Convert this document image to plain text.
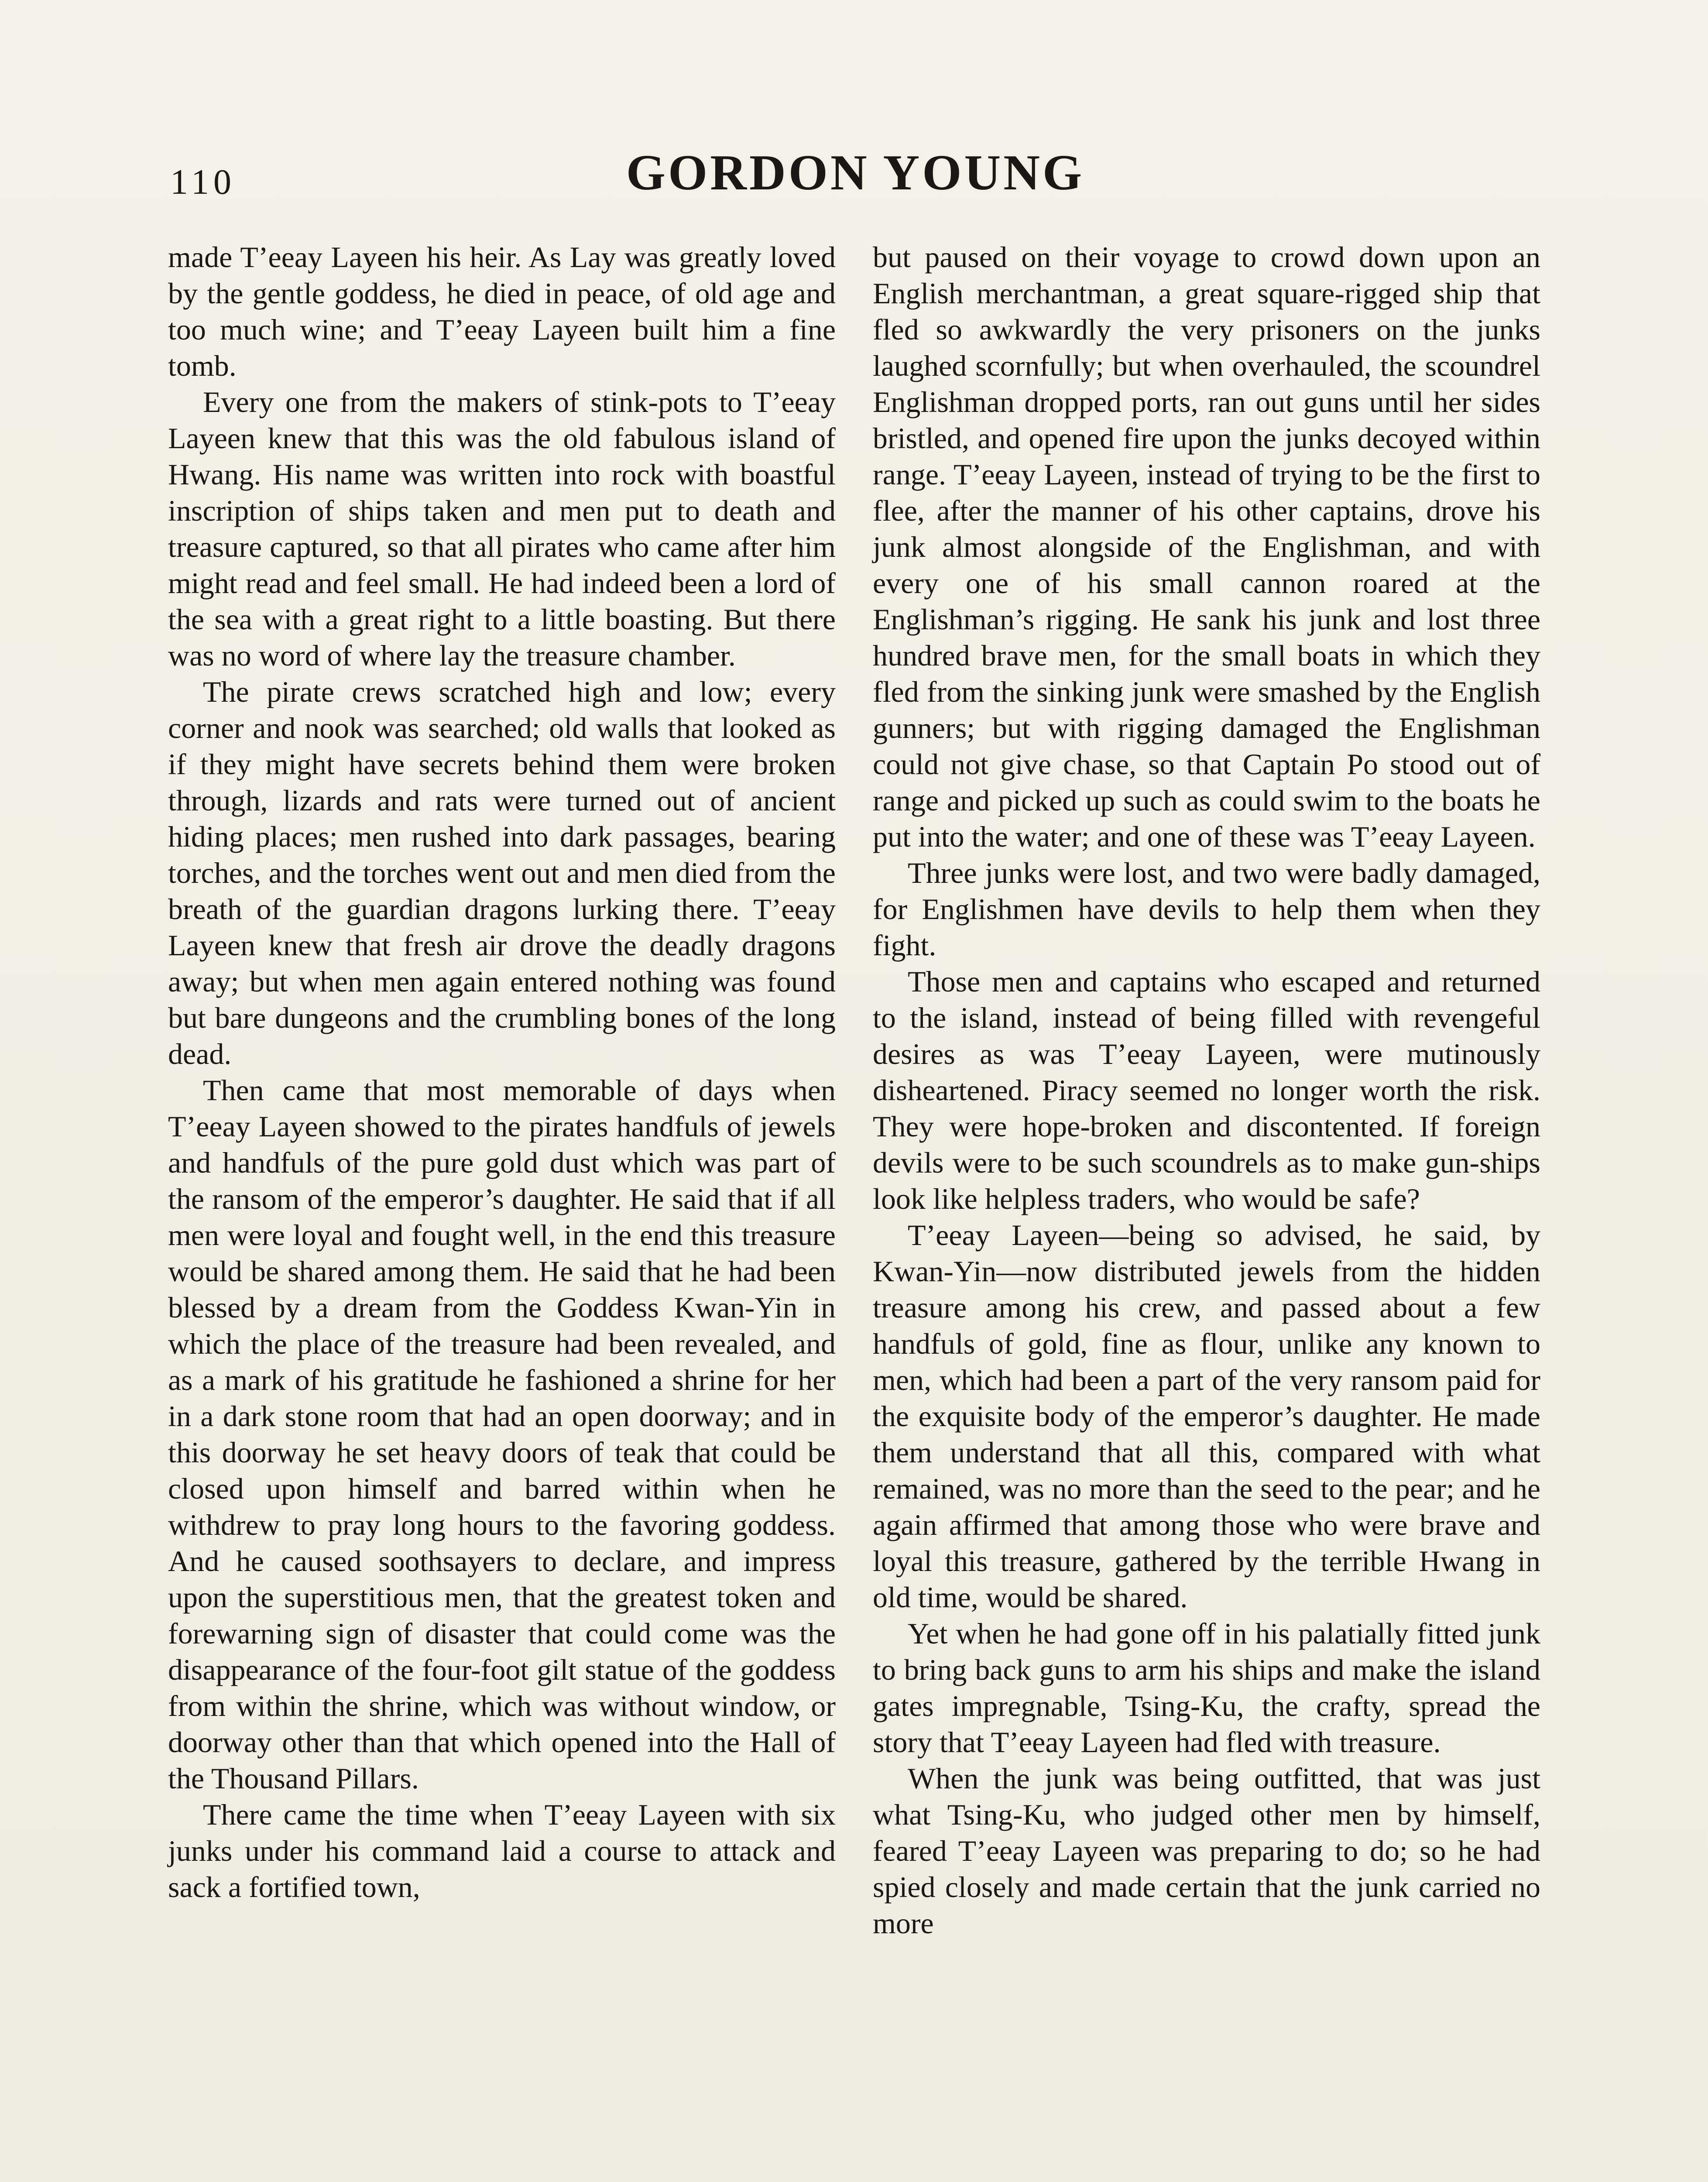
110	GORDON YOUNG

made T’eeay Layeen his heir. As Lay was greatly loved by the gentle goddess, he died in peace, of old age and too much wine; and T’eeay Layeen built him a fine tomb.

Every one from the makers of stink-pots to T’eeay Layeen knew that this was the old fabulous island of Hwang. His name was written into rock with boastful inscription of ships taken and men put to death and treasure captured, so that all pirates who came after him might read and feel small. He had indeed been a lord of the sea with a great right to a little boasting. But there was no word of where lay the treasure chamber.

The pirate crews scratched high and low; every corner and nook was searched; old walls that looked as if they might have secrets behind them were broken through, lizards and rats were turned out of ancient hiding places; men rushed into dark passages, bearing torches, and the torches went out and men died from the breath of the guardian dragons lurking there. T’eeay Layeen knew that fresh air drove the deadly dragons away; but when men again entered nothing was found but bare dungeons and the crumbling bones of the long dead.

Then came that most memorable of days when T’eeay Layeen showed to the pirates handfuls of jewels and handfuls of the pure gold dust which was part of the ransom of the emperor’s daughter. He said that if all men were loyal and fought well, in the end this treasure would be shared among them. He said that he had been blessed by a dream from the Goddess Kwan-Yin in which the place of the treasure had been revealed, and as a mark of his gratitude he fashioned a shrine for her in a dark stone room that had an open doorway; and in this doorway he set heavy doors of teak that could be closed upon himself and barred within when he withdrew to pray long hours to the favoring goddess. And he caused soothsayers to declare, and impress upon the superstitious men, that the greatest token and forewarning sign of disaster that could come was the disappearance of the four-foot gilt statue of the goddess from within the shrine, which was without window, or doorway other than that which opened into the Hall of the Thousand Pillars.

There came the time when T’eeay Layeen with six junks under his command laid a course to attack and sack a fortified town,

but paused on their voyage to crowd down upon an English merchantman, a great square-rigged ship that fled so awkwardly the very prisoners on the junks laughed scornfully; but when overhauled, the scoundrel Englishman dropped ports, ran out guns until her sides bristled, and opened fire upon the junks decoyed within range. T’eeay Layeen, instead of trying to be the first to flee, after the manner of his other captains, drove his junk almost alongside of the Englishman, and with every one of his small cannon roared at the Englishman’s rigging. He sank his junk and lost three hundred brave men, for the small boats in which they fled from the sinking junk were smashed by the English gunners; but with rigging damaged the Englishman could not give chase, so that Captain Po stood out of range and picked up such as could swim to the boats he put into the water; and one of these was T’eeay Layeen.

Three junks were lost, and two were badly damaged, for Englishmen have devils to help them when they fight.

Those men and captains who escaped and returned to the island, instead of being filled with revengeful desires as was T’eeay Layeen, were mutinously disheartened. Piracy seemed no longer worth the risk. They were hope-broken and discontented. If foreign devils were to be such scoundrels as to make gun-ships look like helpless traders, who would be safe?

T’eeay Layeen—being so advised, he said, by Kwan-Yin—now distributed jewels from the hidden treasure among his crew, and passed about a few handfuls of gold, fine as flour, unlike any known to men, which had been a part of the very ransom paid for the exquisite body of the emperor’s daughter. He made them understand that all this, compared with what remained, was no more than the seed to the pear; and he again affirmed that among those who were brave and loyal this treasure, gathered by the terrible Hwang in old time, would be shared.

Yet when he had gone off in his palatially fitted junk to bring back guns to arm his ships and make the island gates impregnable, Tsing-Ku, the crafty, spread the story that T’eeay Layeen had fled with treasure.

When the junk was being outfitted, that was just what Tsing-Ku, who judged other men by himself, feared T’eeay Layeen was preparing to do; so he had spied closely and made certain that the junk carried no more
